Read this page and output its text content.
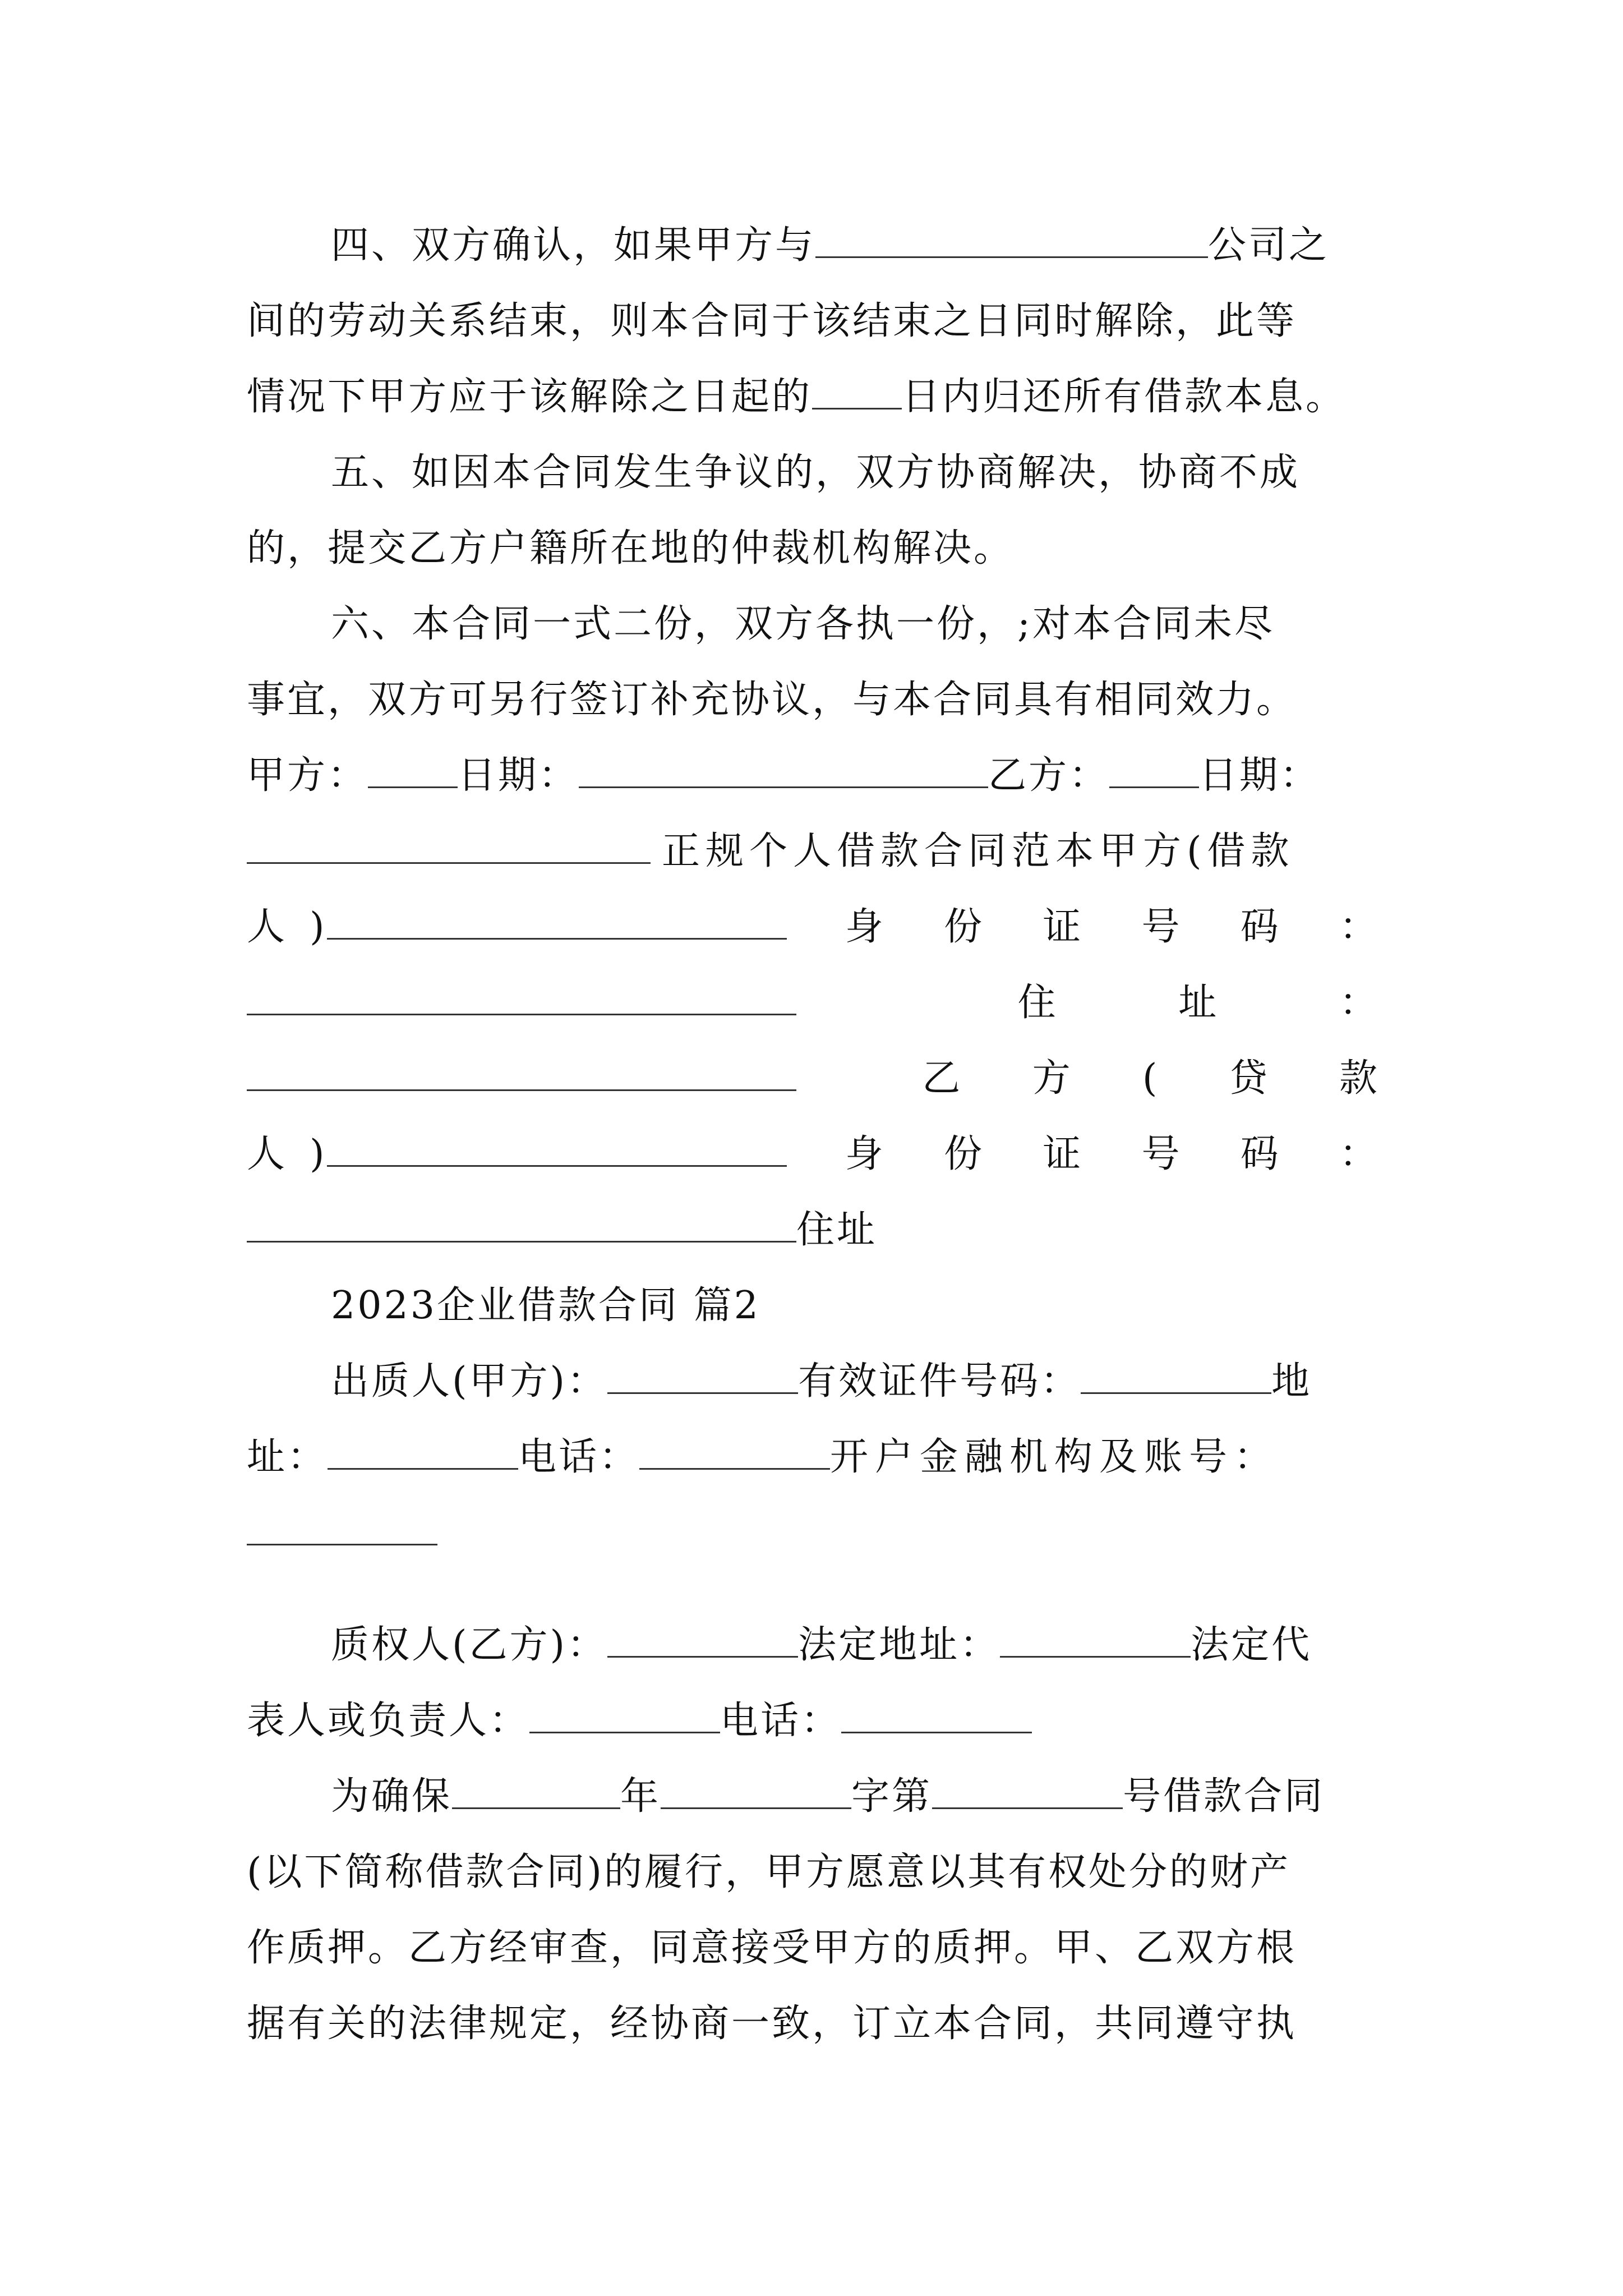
四、双方确认，如果甲方与	公司之
间的劳动关系结束，则本合同于该结束之日同时解除，此等
情况下甲方应于该解除之日起的 日内归还所有借款本息。
五、如因本合同发生争议的，双方协商解决，协商不成
的，提交乙方户籍所在地的仲裁机构解决。
六、本合同一式二份，双方各执一份，;对本合同未尽
事宜，双方可另行签订补充协议，与本合同具有相同效力。
甲方： 日期：	乙方： 日期：
正规个人借款合同范本甲方(借款
人 )	身 份 证 号 码 ：
住	址	：
乙 方 ( 贷 款
人 )	身 份 证 号 码 ：
住址
2023企业借款合同 篇2
出质人(甲方)：	有效证件号码：	地
址：	电话：	开户金融机构及账号：
质权人(乙方)：	法定地址：	法定代
表人或负责人：	电话：
为确保	年	字第	号借款合同
(以下简称借款合同)的履行，甲方愿意以其有权处分的财产
作质押。乙方经审查，同意接受甲方的质押。甲、乙双方根
据有关的法律规定，经协商一致，订立本合同，共同遵守执
